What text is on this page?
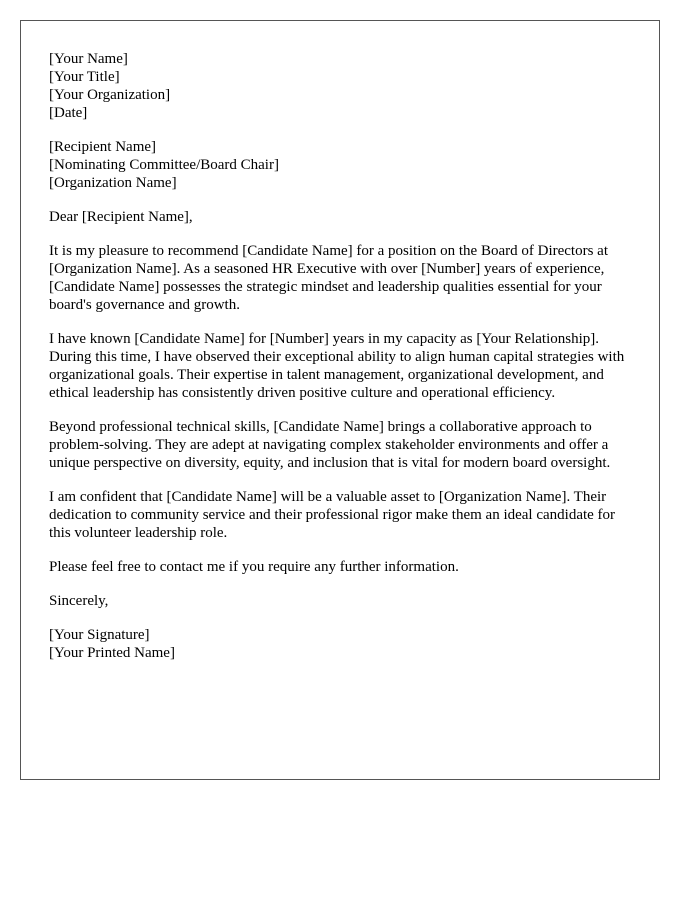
[Your Name]
[Your Title]
[Your Organization]
[Date]
[Recipient Name]
[Nominating Committee/Board Chair]
[Organization Name]

Dear [Recipient Name],

It is my pleasure to recommend [Candidate Name] for a position on the Board of Directors at [Organization Name]. As a seasoned HR Executive with over [Number] years of experience, [Candidate Name] possesses the strategic mindset and leadership qualities essential for your board's governance and growth.

I have known [Candidate Name] for [Number] years in my capacity as [Your Relationship]. During this time, I have observed their exceptional ability to align human capital strategies with organizational goals. Their expertise in talent management, organizational development, and ethical leadership has consistently driven positive culture and operational efficiency.

Beyond professional technical skills, [Candidate Name] brings a collaborative approach to problem-solving. They are adept at navigating complex stakeholder environments and offer a unique perspective on diversity, equity, and inclusion that is vital for modern board oversight.

I am confident that [Candidate Name] will be a valuable asset to [Organization Name]. Their dedication to community service and their professional rigor make them an ideal candidate for this volunteer leadership role.

Please feel free to contact me if you require any further information.

Sincerely,

[Your Signature]
[Your Printed Name]
